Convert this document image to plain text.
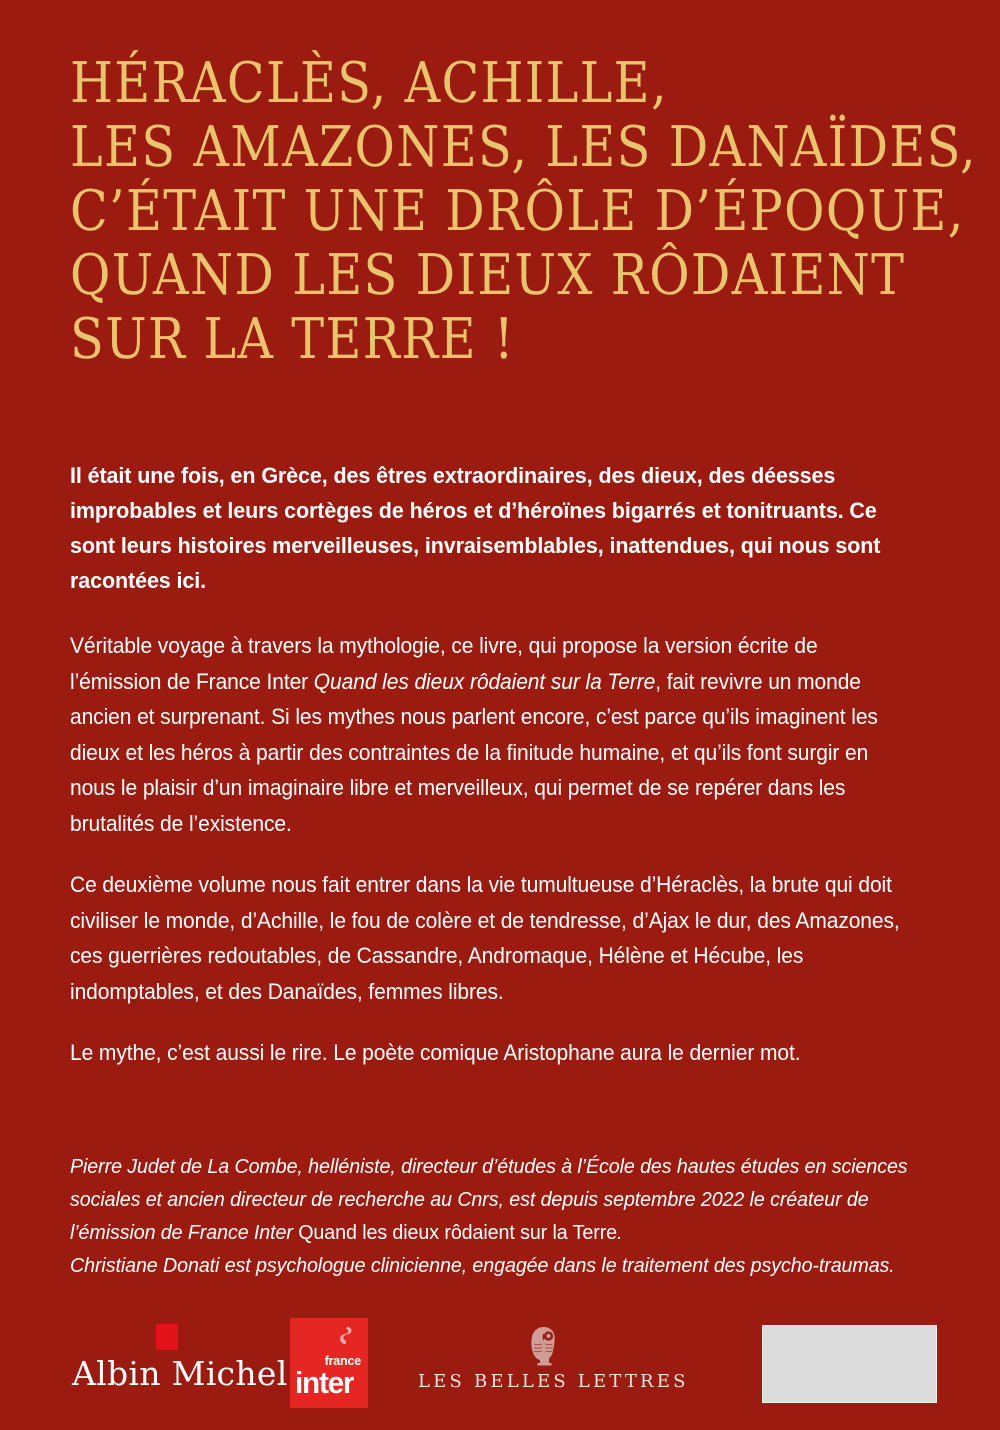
HÉRACLÈS, ACHILLE,
LES AMAZONES, LES DANAÏDES,
C’ÉTAIT UNE DRÔLE D’ÉPOQUE,
QUAND LES DIEUX RÔDAIENT
SUR LA TERRE !

Il était une fois, en Grèce, des êtres extraordinaires, des dieux, des déesses improbables et leurs cortèges de héros et d’héroïnes bigarrés et tonitruants. Ce sont leurs histoires merveilleuses, invraisemblables, inattendues, qui nous sont racontées ici.

Véritable voyage à travers la mythologie, ce livre, qui propose la version écrite de l’émission de France Inter Quand les dieux rôdaient sur la Terre, fait revivre un monde ancien et surprenant. Si les mythes nous parlent encore, c’est parce qu’ils imaginent les dieux et les héros à partir des contraintes de la finitude humaine, et qu’ils font surgir en nous le plaisir d’un imaginaire libre et merveilleux, qui permet de se repérer dans les brutalités de l’existence.

Ce deuxième volume nous fait entrer dans la vie tumultueuse d’Héraclès, la brute qui doit civiliser le monde, d’Achille, le fou de colère et de tendresse, d’Ajax le dur, des Amazones, ces guerrières redoutables, de Cassandre, Andromaque, Hélène et Hécube, les indomptables, et des Danaïdes, femmes libres.

Le mythe, c’est aussi le rire. Le poète comique Aristophane aura le dernier mot.

Pierre Judet de La Combe, helléniste, directeur d’études à l’École des hautes études en sciences sociales et ancien directeur de recherche au Cnrs, est depuis septembre 2022 le créateur de l’émission de France Inter Quand les dieux rôdaient sur la Terre.

Christiane Donati est psychologue clinicienne, engagée dans le traitement des psycho-traumas.

Albin Michel	france
inter	LES BELLES LETTRES
